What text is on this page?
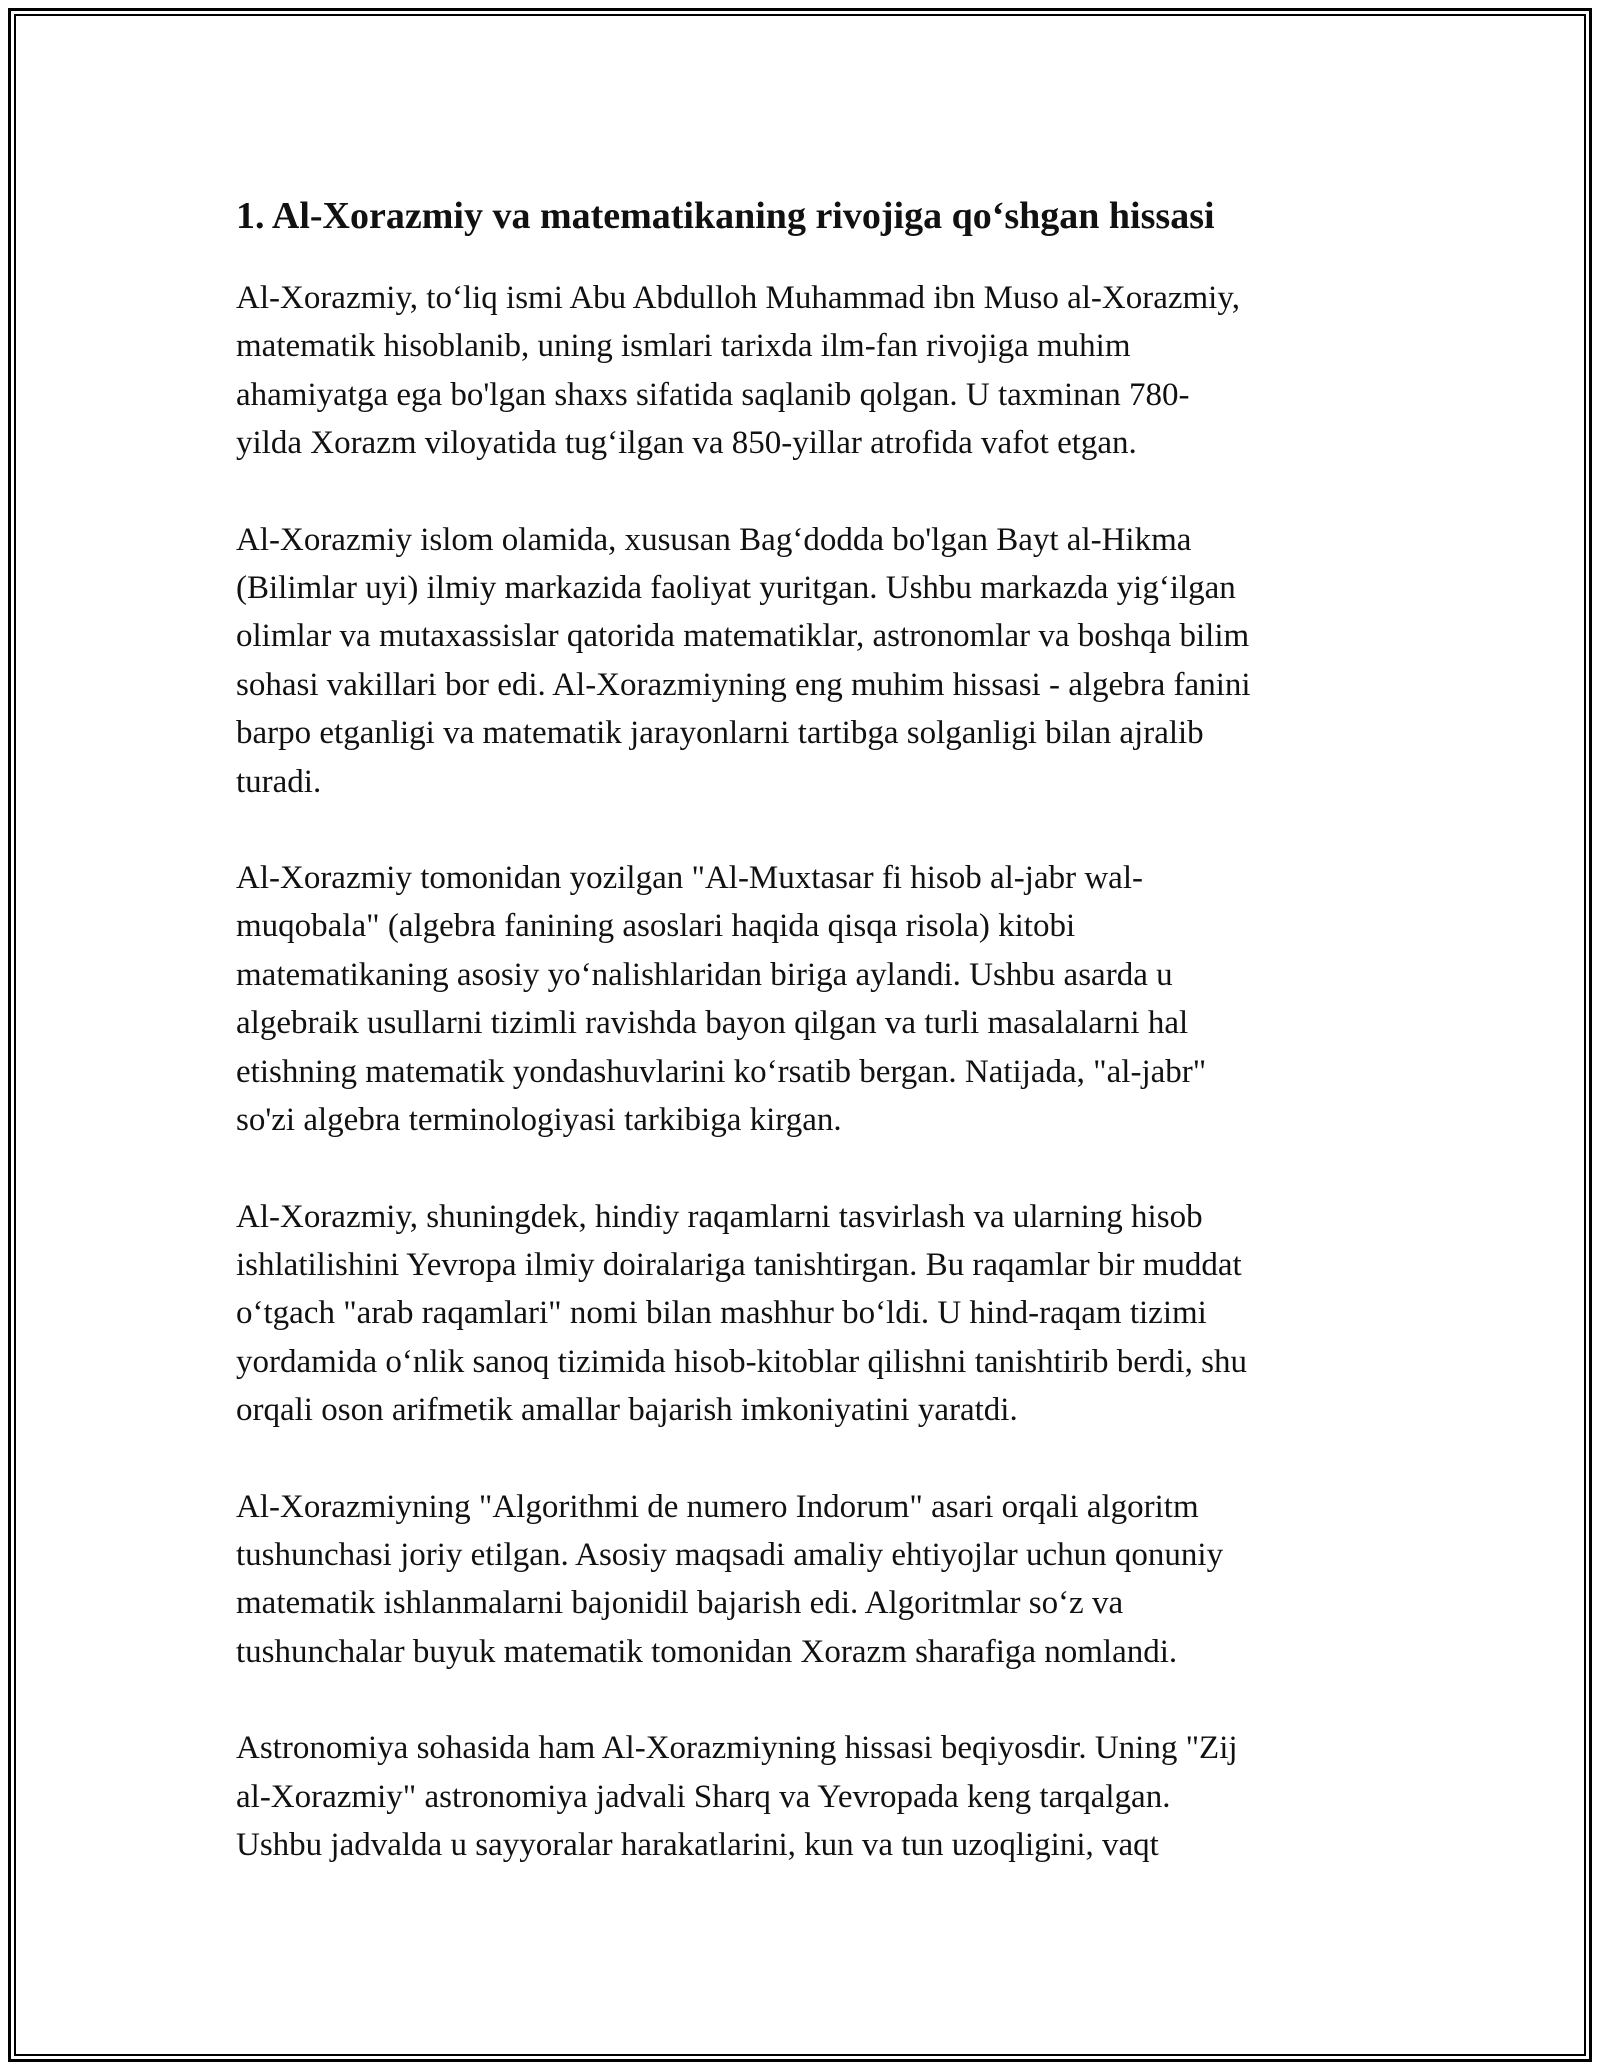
1. Al-Xorazmiy va matematikaning rivojiga qo‘shgan hissasi

Al-Xorazmiy, to‘liq ismi Abu Abdulloh Muhammad ibn Muso al-Xorazmiy,
matematik hisoblanib, uning ismlari tarixda ilm-fan rivojiga muhim
ahamiyatga ega bo'lgan shaxs sifatida saqlanib qolgan. U taxminan 780-
yilda Xorazm viloyatida tug‘ilgan va 850-yillar atrofida vafot etgan.

Al-Xorazmiy islom olamida, xususan Bag‘dodda bo'lgan Bayt al-Hikma
(Bilimlar uyi) ilmiy markazida faoliyat yuritgan. Ushbu markazda yig‘ilgan
olimlar va mutaxassislar qatorida matematiklar, astronomlar va boshqa bilim
sohasi vakillari bor edi. Al-Xorazmiyning eng muhim hissasi - algebra fanini
barpo etganligi va matematik jarayonlarni tartibga solganligi bilan ajralib
turadi.

Al-Xorazmiy tomonidan yozilgan "Al-Muxtasar fi hisob al-jabr wal-
muqobala" (algebra fanining asoslari haqida qisqa risola) kitobi
matematikaning asosiy yo‘nalishlaridan biriga aylandi. Ushbu asarda u
algebraik usullarni tizimli ravishda bayon qilgan va turli masalalarni hal
etishning matematik yondashuvlarini ko‘rsatib bergan. Natijada, "al-jabr"
so'zi algebra terminologiyasi tarkibiga kirgan.

Al-Xorazmiy, shuningdek, hindiy raqamlarni tasvirlash va ularning hisob
ishlatilishini Yevropa ilmiy doiralariga tanishtirgan. Bu raqamlar bir muddat
o‘tgach "arab raqamlari" nomi bilan mashhur bo‘ldi. U hind-raqam tizimi
yordamida o‘nlik sanoq tizimida hisob-kitoblar qilishni tanishtirib berdi, shu
orqali oson arifmetik amallar bajarish imkoniyatini yaratdi.

Al-Xorazmiyning "Algorithmi de numero Indorum" asari orqali algoritm
tushunchasi joriy etilgan. Asosiy maqsadi amaliy ehtiyojlar uchun qonuniy
matematik ishlanmalarni bajonidil bajarish edi. Algoritmlar so‘z va
tushunchalar buyuk matematik tomonidan Xorazm sharafiga nomlandi.

Astronomiya sohasida ham Al-Xorazmiyning hissasi beqiyosdir. Uning "Zij
al-Xorazmiy" astronomiya jadvali Sharq va Yevropada keng tarqalgan.
Ushbu jadvalda u sayyoralar harakatlarini, kun va tun uzoqligini, vaqt
